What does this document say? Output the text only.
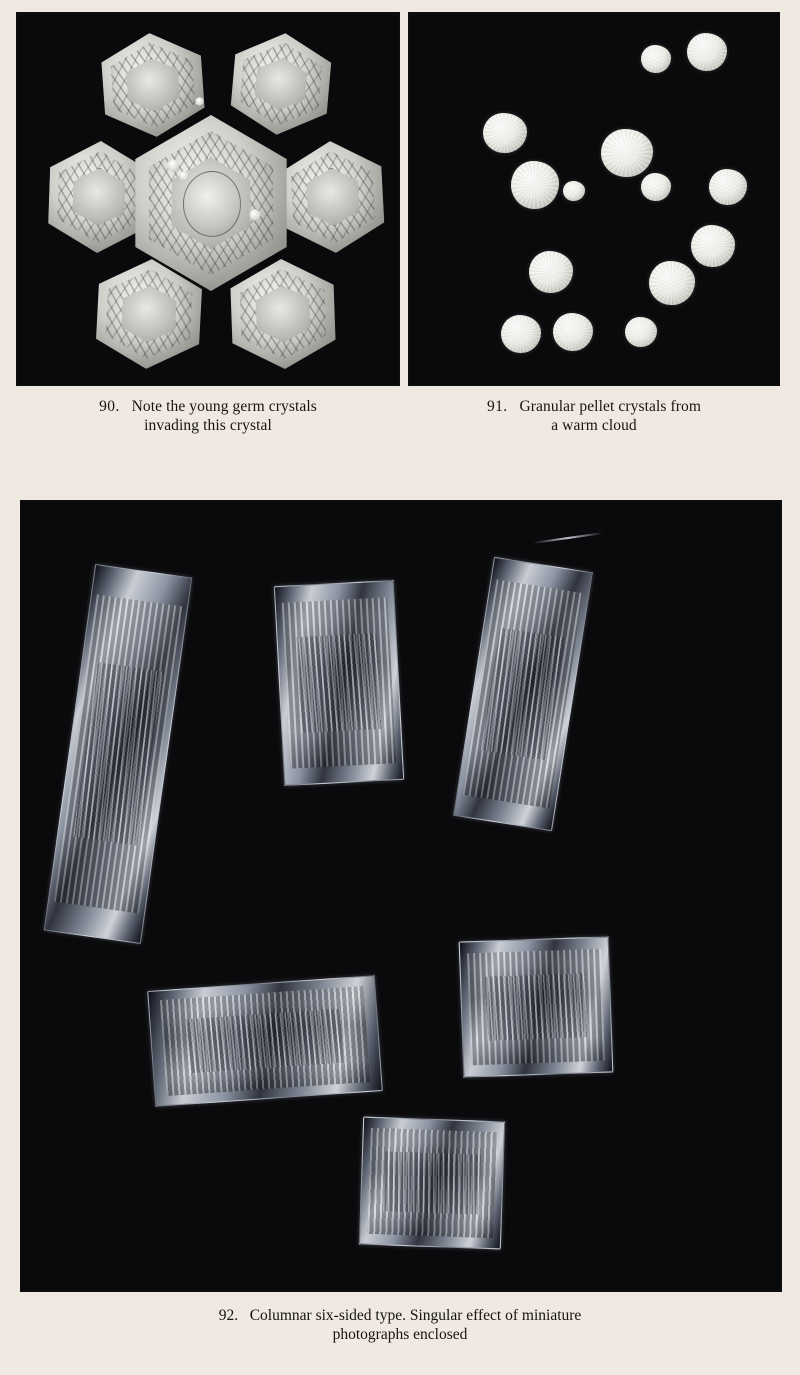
90. Note the young germ crystals
invading this crystal
91. Granular pellet crystals from
a warm cloud
92. Columnar six-sided type. Singular effect of miniature
photographs enclosed
